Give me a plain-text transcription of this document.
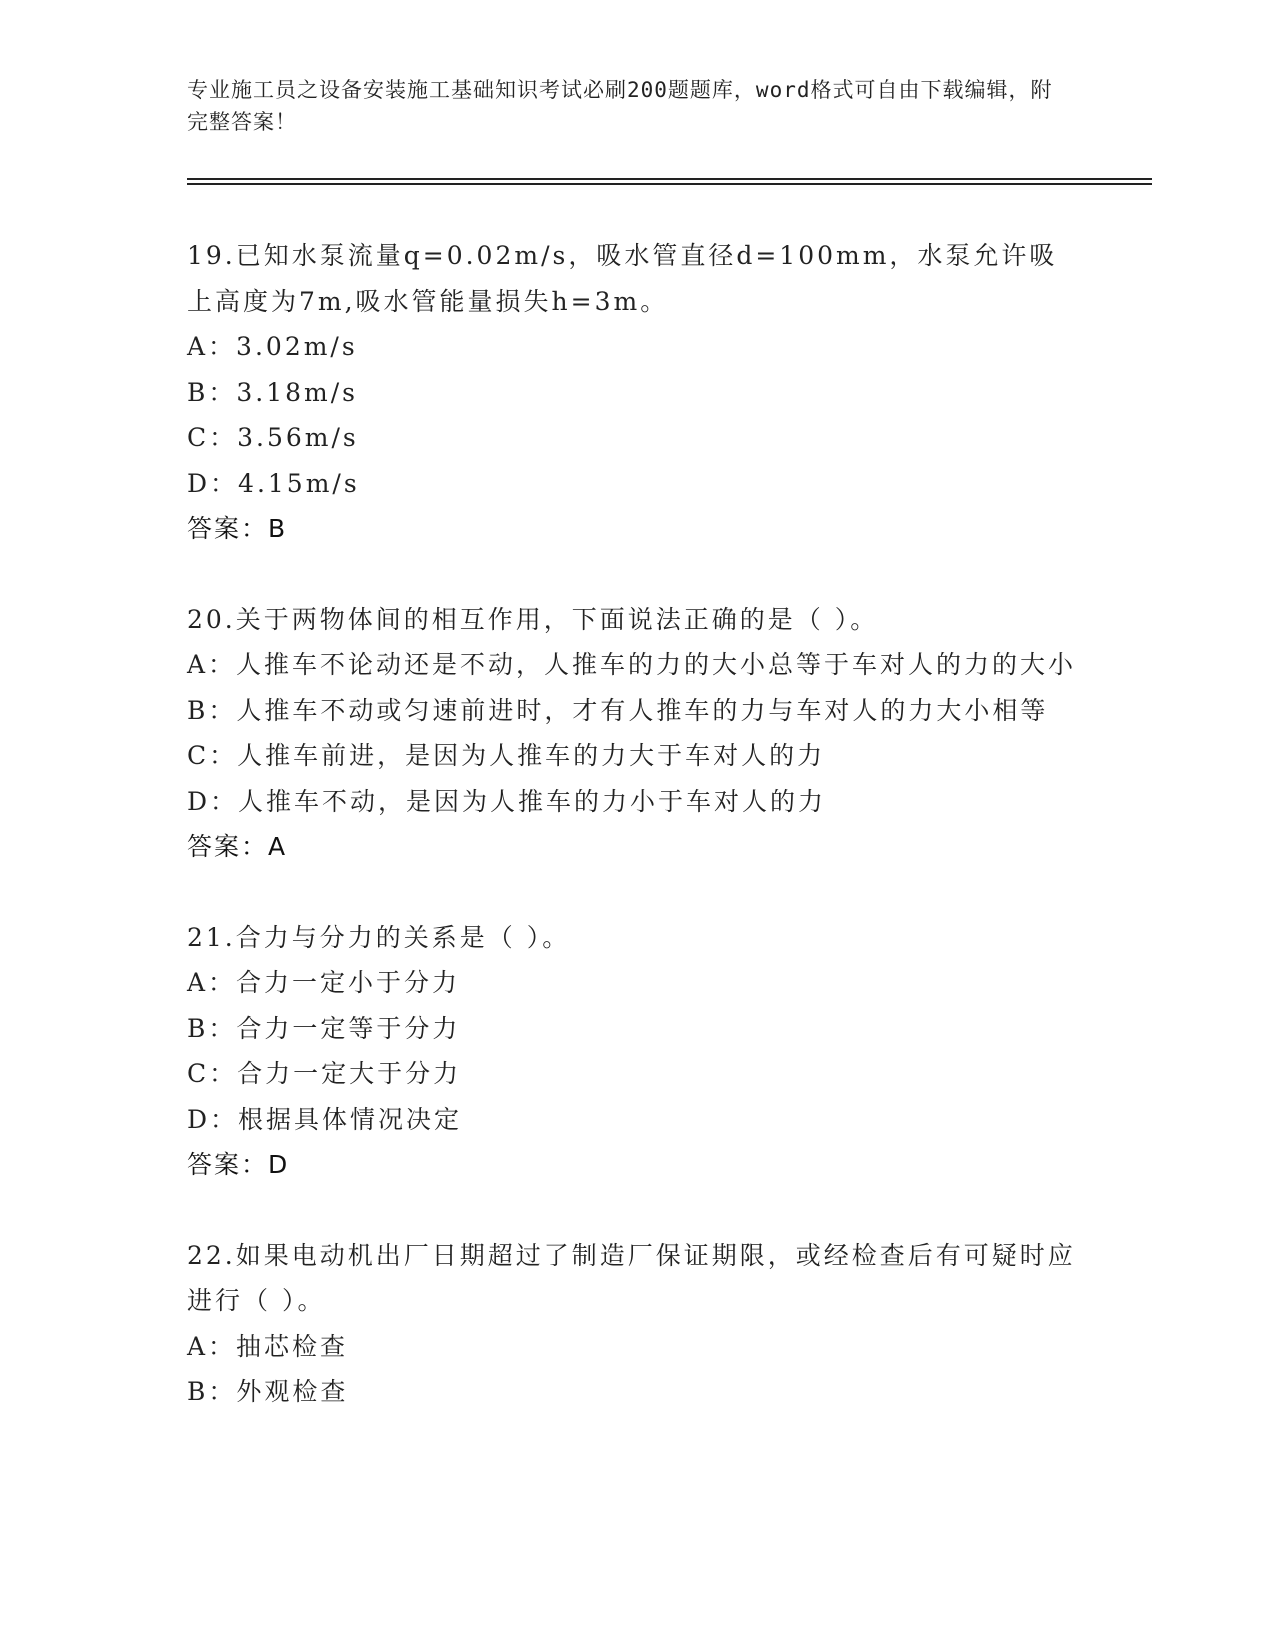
专业施工员之设备安装施工基础知识考试必刷200题题库，word格式可自由下载编辑，附完整答案！

19.已知水泵流量q=0.02m/s，吸水管直径d=100mm，水泵允许吸上高度为7m,吸水管能量损失h=3m。

A：3.02m/s

B：3.18m/s

C：3.56m/s

D：4.15m/s

答案：B

20.关于两物体间的相互作用，下面说法正确的是（ ）。

A：人推车不论动还是不动，人推车的力的大小总等于车对人的力的大小

B：人推车不动或匀速前进时，才有人推车的力与车对人的力大小相等

C：人推车前进，是因为人推车的力大于车对人的力

D：人推车不动，是因为人推车的力小于车对人的力

答案：A

21.合力与分力的关系是（ ）。

A：合力一定小于分力

B：合力一定等于分力

C：合力一定大于分力

D：根据具体情况决定

答案：D

22.如果电动机出厂日期超过了制造厂保证期限，或经检查后有可疑时应进行（ ）。

A：抽芯检查

B：外观检查
